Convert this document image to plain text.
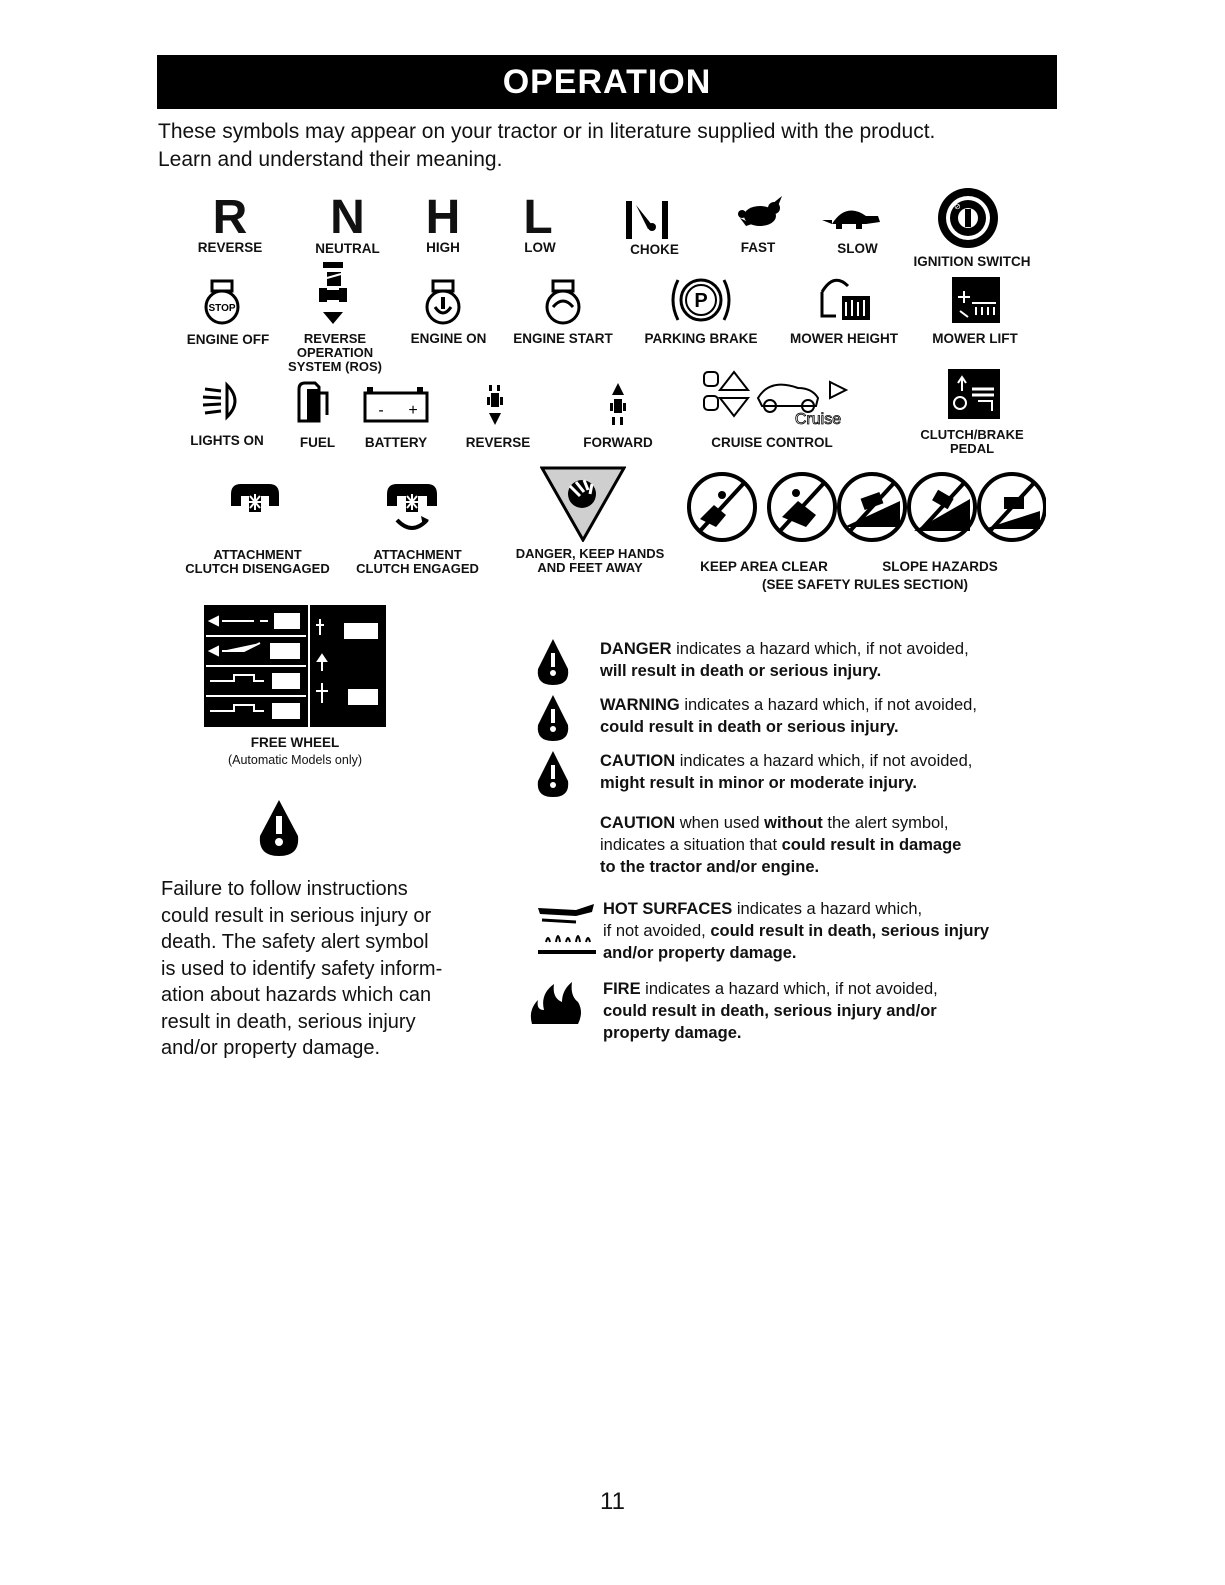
OPERATION
These symbols may appear on your tractor or in literature supplied with the product.
Learn and understand their meaning.
R
REVERSE
N
NEUTRAL
H
HIGH
L
LOW	CHOKE	FAST	SLOW
⊘
IGNITION SWITCH
STOP
ENGINE OFF	REVERSE
OPERATION
SYSTEM (ROS)
ENGINE ON	ENGINE START
P
PARKING BRAKE	MOWER HEIGHT	MOWER LIFT
LIGHTS ON	FUEL
- +
BATTERY	REVERSE	FORWARD
Cruise
CRUISE CONTROL
CLUTCH/BRAKE
PEDAL
ATTACHMENT
CLUTCH DISENGAGED
ATTACHMENT
CLUTCH ENGAGED
DANGER, KEEP HANDS
AND FEET AWAY	KEEP AREA CLEAR	SLOPE HAZARDS
(SEE SAFETY RULES SECTION)
FREE WHEEL
(Automatic Models only)
Failure to follow instructions
could result in serious injury or
death. The safety alert symbol
is used to identify safety inform-
ation about hazards which can
result in death, serious injury
and/or property damage.
DANGER indicates a hazard which, if not avoided,
will result in death or serious injury.
WARNING indicates a hazard which, if not avoided,
could result in death or serious injury.
CAUTION indicates a hazard which, if not avoided,
might result in minor or moderate injury.
CAUTION when used without the alert symbol,
indicates a situation that could result in damage
to the tractor and/or engine.
HOT SURFACES indicates a hazard which,
if not avoided, could result in death, serious injury
and/or property damage.
FIRE indicates a hazard which, if not avoided,
could result in death, serious injury and/or
property damage.
11
